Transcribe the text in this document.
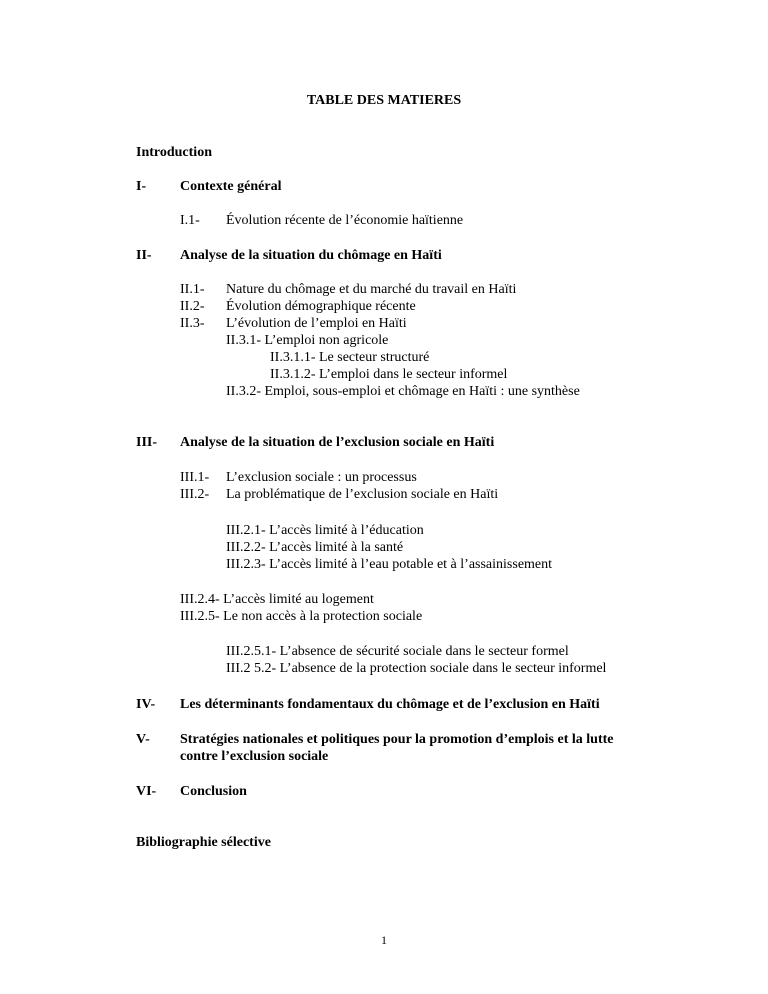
TABLE DES MATIERES
Introduction
I- Contexte général
I.1- Évolution récente de l’économie haïtienne
II- Analyse de la situation du chômage en Haïti
II.1- Nature du chômage et du marché du travail en Haïti
II.2- Évolution démographique récente
II.3- L’évolution de l’emploi en Haïti
II.3.1- L’emploi non agricole
II.3.1.1- Le secteur structuré
II.3.1.2- L’emploi dans le secteur informel
II.3.2- Emploi, sous-emploi et chômage en Haïti : une synthèse
III- Analyse de la situation de l’exclusion sociale en Haïti
III.1- L’exclusion sociale : un processus
III.2- La problématique de l’exclusion sociale en Haïti
III.2.1- L’accès limité à l’éducation
III.2.2- L’accès limité à la santé
III.2.3- L’accès limité à l’eau potable et à l’assainissement
III.2.4- L’accès limité au logement
III.2.5- Le non accès à la protection sociale
III.2.5.1- L’absence de sécurité sociale dans le secteur formel
III.2 5.2- L’absence de la protection sociale dans le secteur informel
IV- Les déterminants fondamentaux du chômage et de l’exclusion en Haïti
V- Stratégies nationales et politiques pour la promotion d’emplois et la lutte
contre l’exclusion sociale
VI- Conclusion
Bibliographie sélective
1
